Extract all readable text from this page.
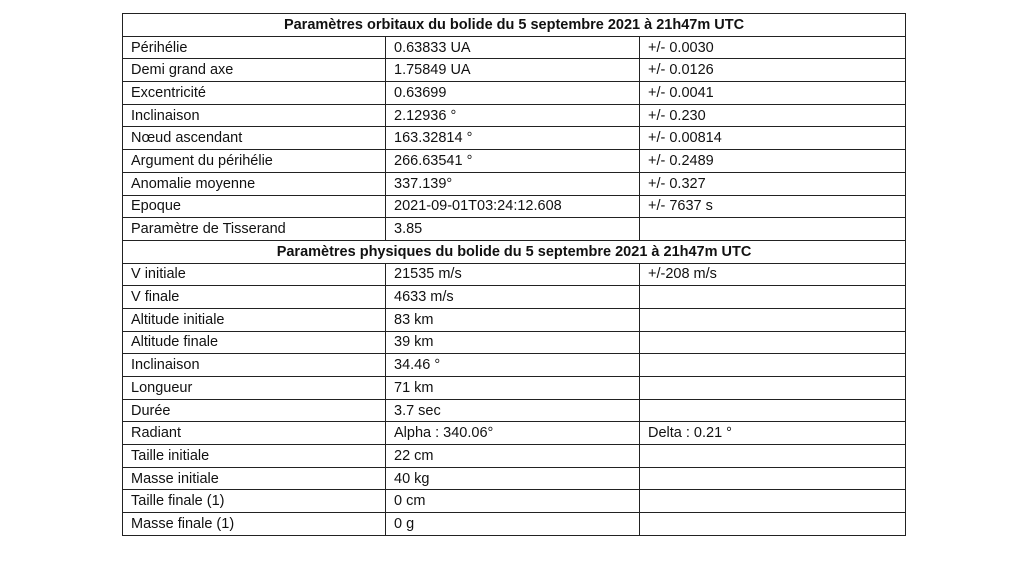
Paramètres orbitaux du bolide du 5 septembre 2021 à 21h47m UTC		
Périhélie	0.63833 UA	+/- 0.0030
Demi grand axe	1.75849 UA	+/- 0.0126
Excentricité	0.63699	+/- 0.0041
Inclinaison	2.12936 °	+/- 0.230
Nœud ascendant	163.32814 °	+/- 0.00814
Argument du périhélie	266.63541 °	+/- 0.2489
Anomalie moyenne	337.139°	+/- 0.327
Epoque	2021-09-01T03:24:12.608	+/- 7637 s
Paramètre de Tisserand	3.85	
Paramètres physiques du bolide du 5 septembre 2021 à 21h47m UTC		
V initiale	21535 m/s	+/-208 m/s
V finale	4633 m/s	
Altitude initiale	83 km	
Altitude finale	39 km	
Inclinaison	34.46 °	
Longueur	71 km	
Durée	3.7 sec	
Radiant	Alpha : 340.06°	Delta : 0.21 °
Taille initiale	22 cm	
Masse initiale	40 kg	
Taille finale (1)	0 cm	
Masse finale (1)	0 g	
